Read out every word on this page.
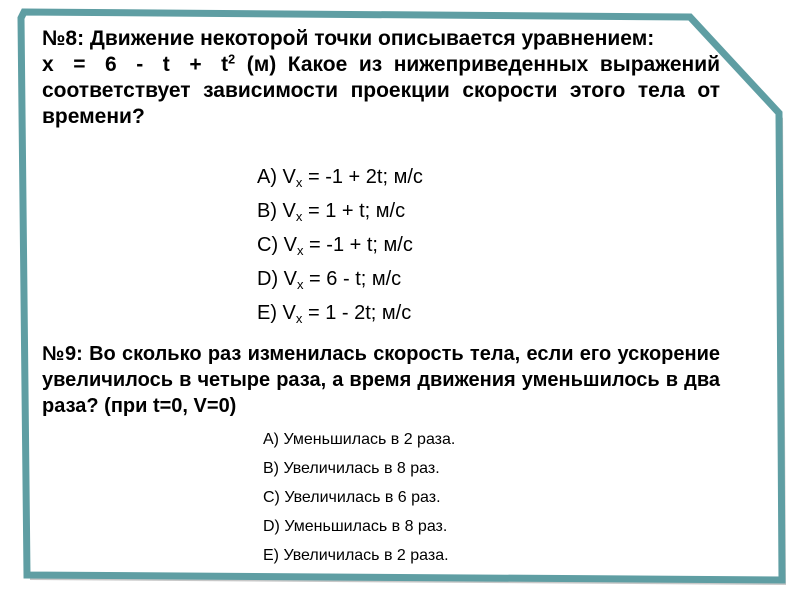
№8: Движение некоторой точки описывается уравнением:
$x = 6 - t + t^2$ (м) Какое из нижеприведенных выражений соответствует зависимости проекции скорости этого тела от времени?
A) $V_x = -1 + 2t$; м/с
B) $V_x = 1 + t$; м/с
C) $V_x = -1 + t$; м/с
D) $V_x = 6 - t$; м/с
E) $V_x = 1 - 2t$; м/с

№9: Во сколько раз изменилась скорость тела, если его ускорение увеличилось в четыре раза, а время движения уменьшилось в два раза? (при t=0, V=0)

A) Уменьшилась в 2 раза.
B) Увеличилась в 8 раз.
C) Увеличилась в 6 раз.
D) Уменьшилась в 8 раз.
E) Увеличилась в 2 раза.
